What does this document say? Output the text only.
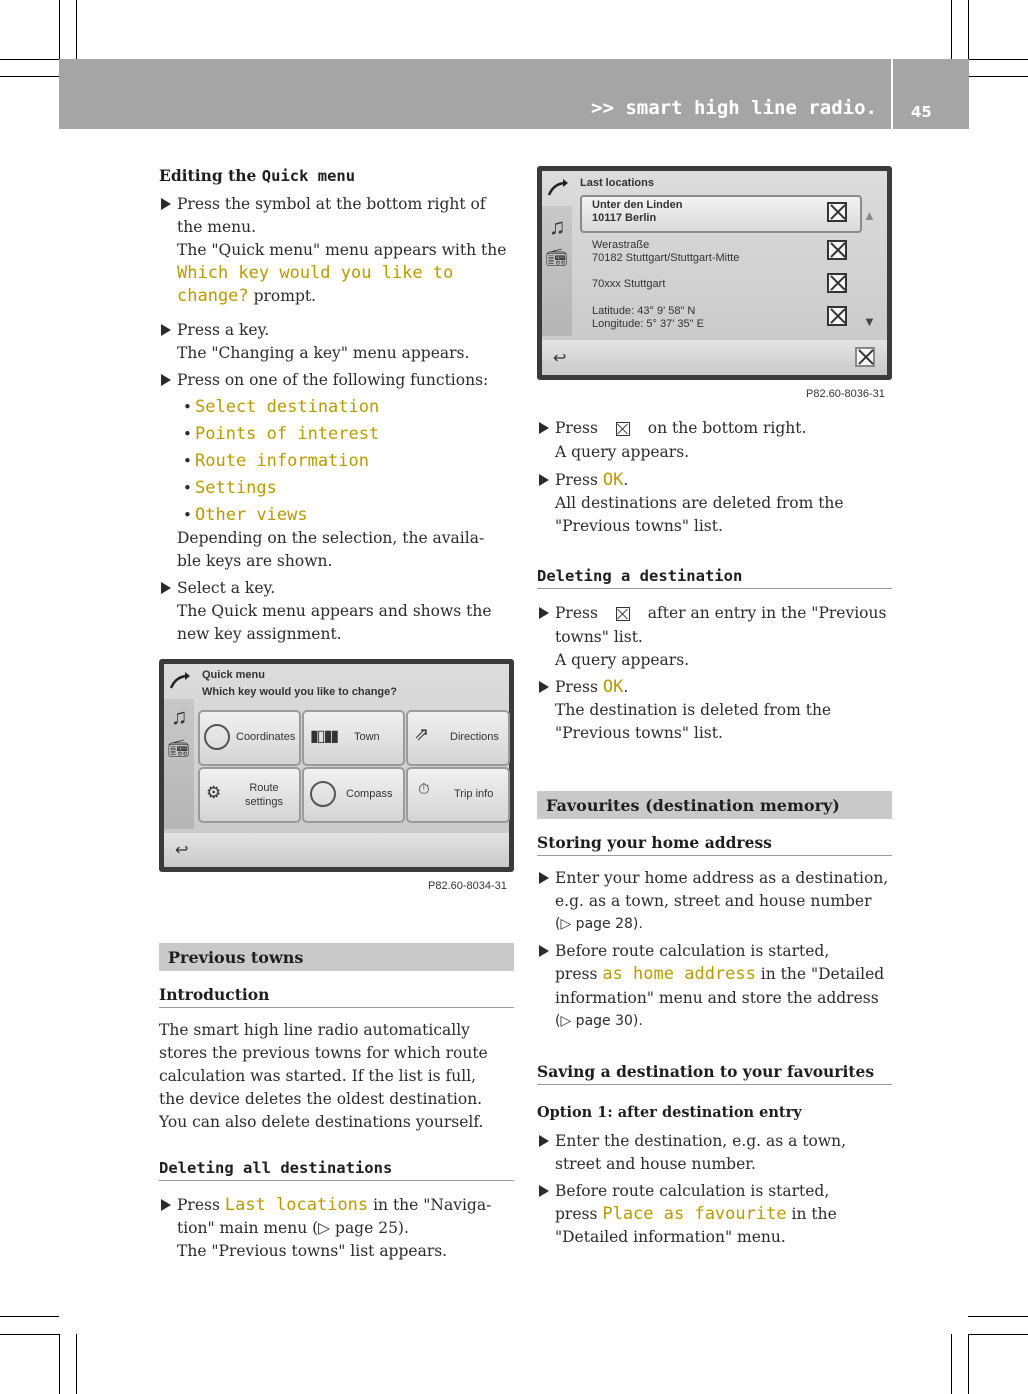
>> smart high line radio. 45
Editing the Quick menu
Press the symbol at the bottom right of
the menu.
The "Quick menu" menu appears with the
Which key would you like to
change? prompt.
Press a key.
The "Changing a key" menu appears.
Press on one of the following functions:
• Select destination
• Points of interest
• Route information
• Settings
• Other views
Depending on the selection, the availa-
ble keys are shown.
Select a key.
The Quick menu appears and shows the
new key assignment.
Quick menu
Which key would you like to change?
♫
📻︎
Coordinates ▮▯▮▮ Town ⇗ Directions
⚙	Route settings
Compass ⏱ Trip info
↩︎
P82.60-8034-31
Previous towns
Introduction
The smart high line radio automatically
stores the previous towns for which route
calculation was started. If the list is full,
the device deletes the oldest destination.
You can also delete destinations yourself.
Deleting all destinations
Press Last locations in the "Naviga-
tion" main menu (▷ page 25).
The "Previous towns" list appears.
Last locations
♫
📻︎
Unter den Linden
10117 Berlin
Werastraße
70182 Stuttgart/Stuttgart-Mitte
70xxx Stuttgart
Latitude: 43° 9' 58" N
Longitude: 5° 37' 35" E
▲
▼
↩︎
P82.60-8036-31
Press	on the bottom right.
A query appears.
Press OK.
All destinations are deleted from the
"Previous towns" list.
Deleting a destination
Press	after an entry in the "Previous
towns" list.
A query appears.
Press OK.
The destination is deleted from the
"Previous towns" list.
Favourites (destination memory)
Storing your home address
Enter your home address as a destination,
e.g. as a town, street and house number
(▷ page 28).
Before route calculation is started,
press as home address in the "Detailed
information" menu and store the address
(▷ page 30).
Saving a destination to your favourites
Option 1: after destination entry
Enter the destination, e.g. as a town,
street and house number.
Before route calculation is started,
press Place as favourite in the
"Detailed information" menu.
